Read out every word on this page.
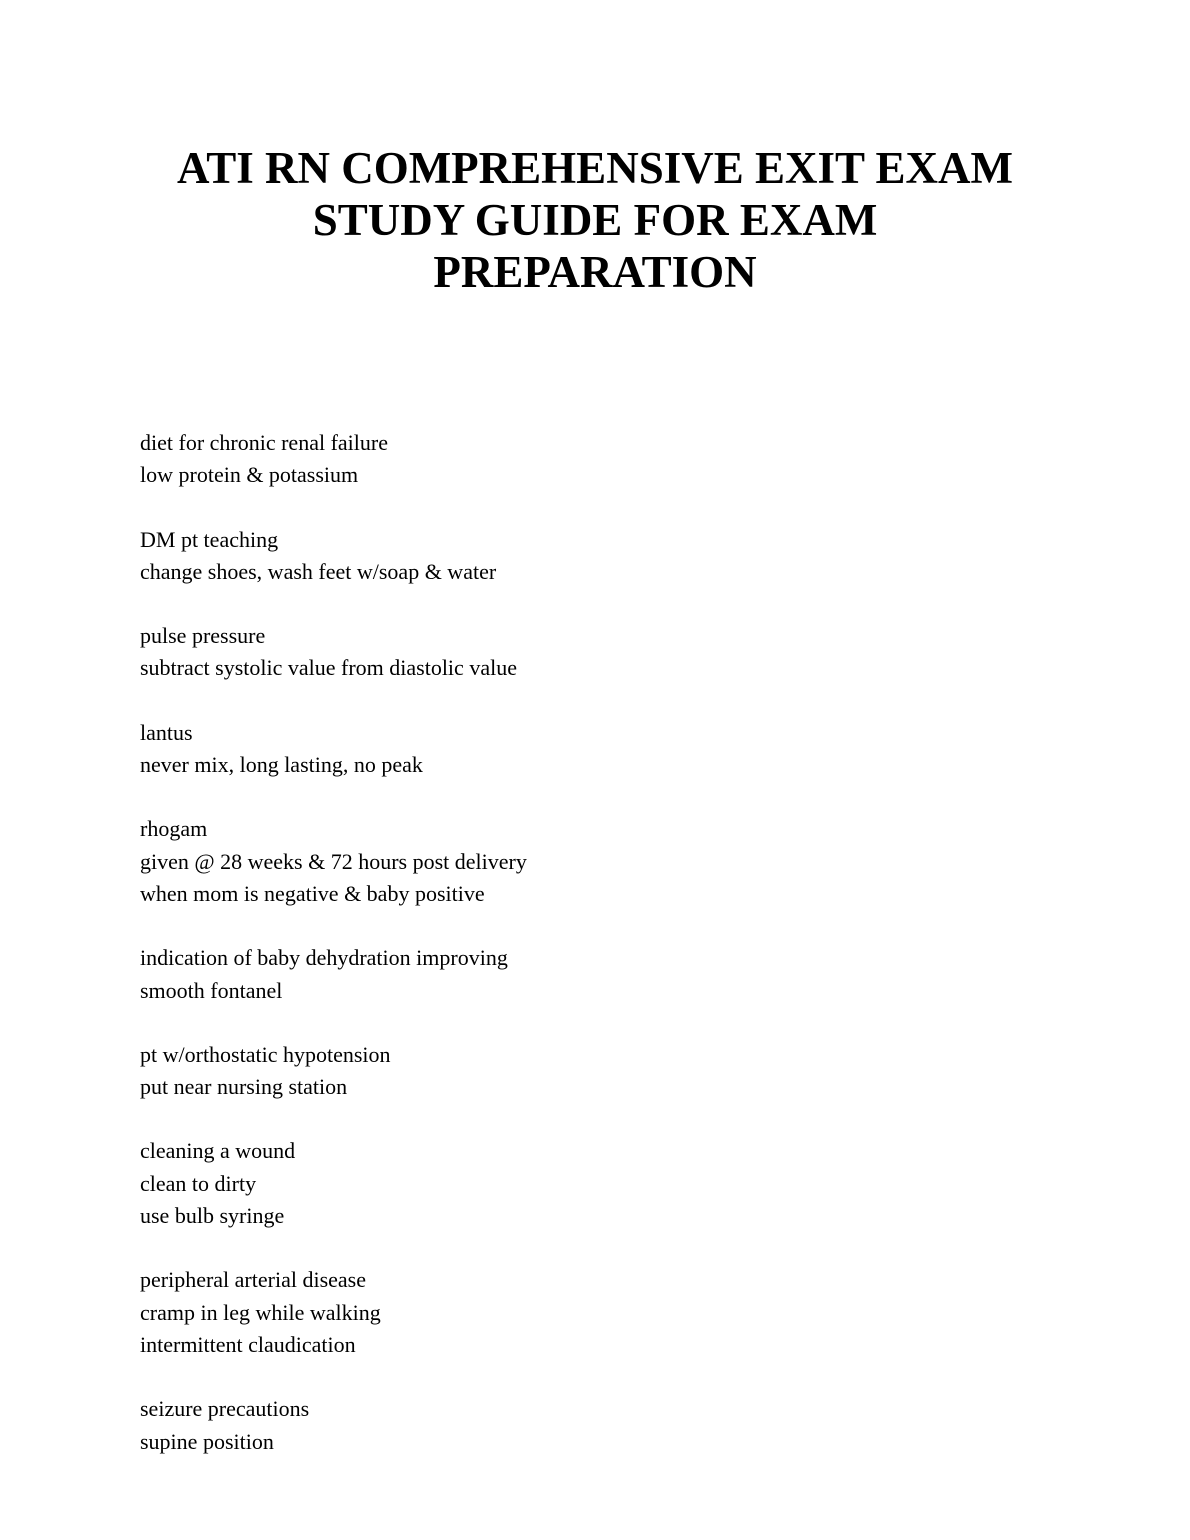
ATI RN COMPREHENSIVE EXIT EXAM
STUDY GUIDE FOR EXAM
PREPARATION
diet for chronic renal failure
low protein & potassium
DM pt teaching
change shoes, wash feet w/soap & water
pulse pressure
subtract systolic value from diastolic value
lantus
never mix, long lasting, no peak
rhogam
given @ 28 weeks & 72 hours post delivery
when mom is negative & baby positive
indication of baby dehydration improving
smooth fontanel
pt w/orthostatic hypotension
put near nursing station
cleaning a wound
clean to dirty
use bulb syringe
peripheral arterial disease
cramp in leg while walking
intermittent claudication
seizure precautions
supine position
